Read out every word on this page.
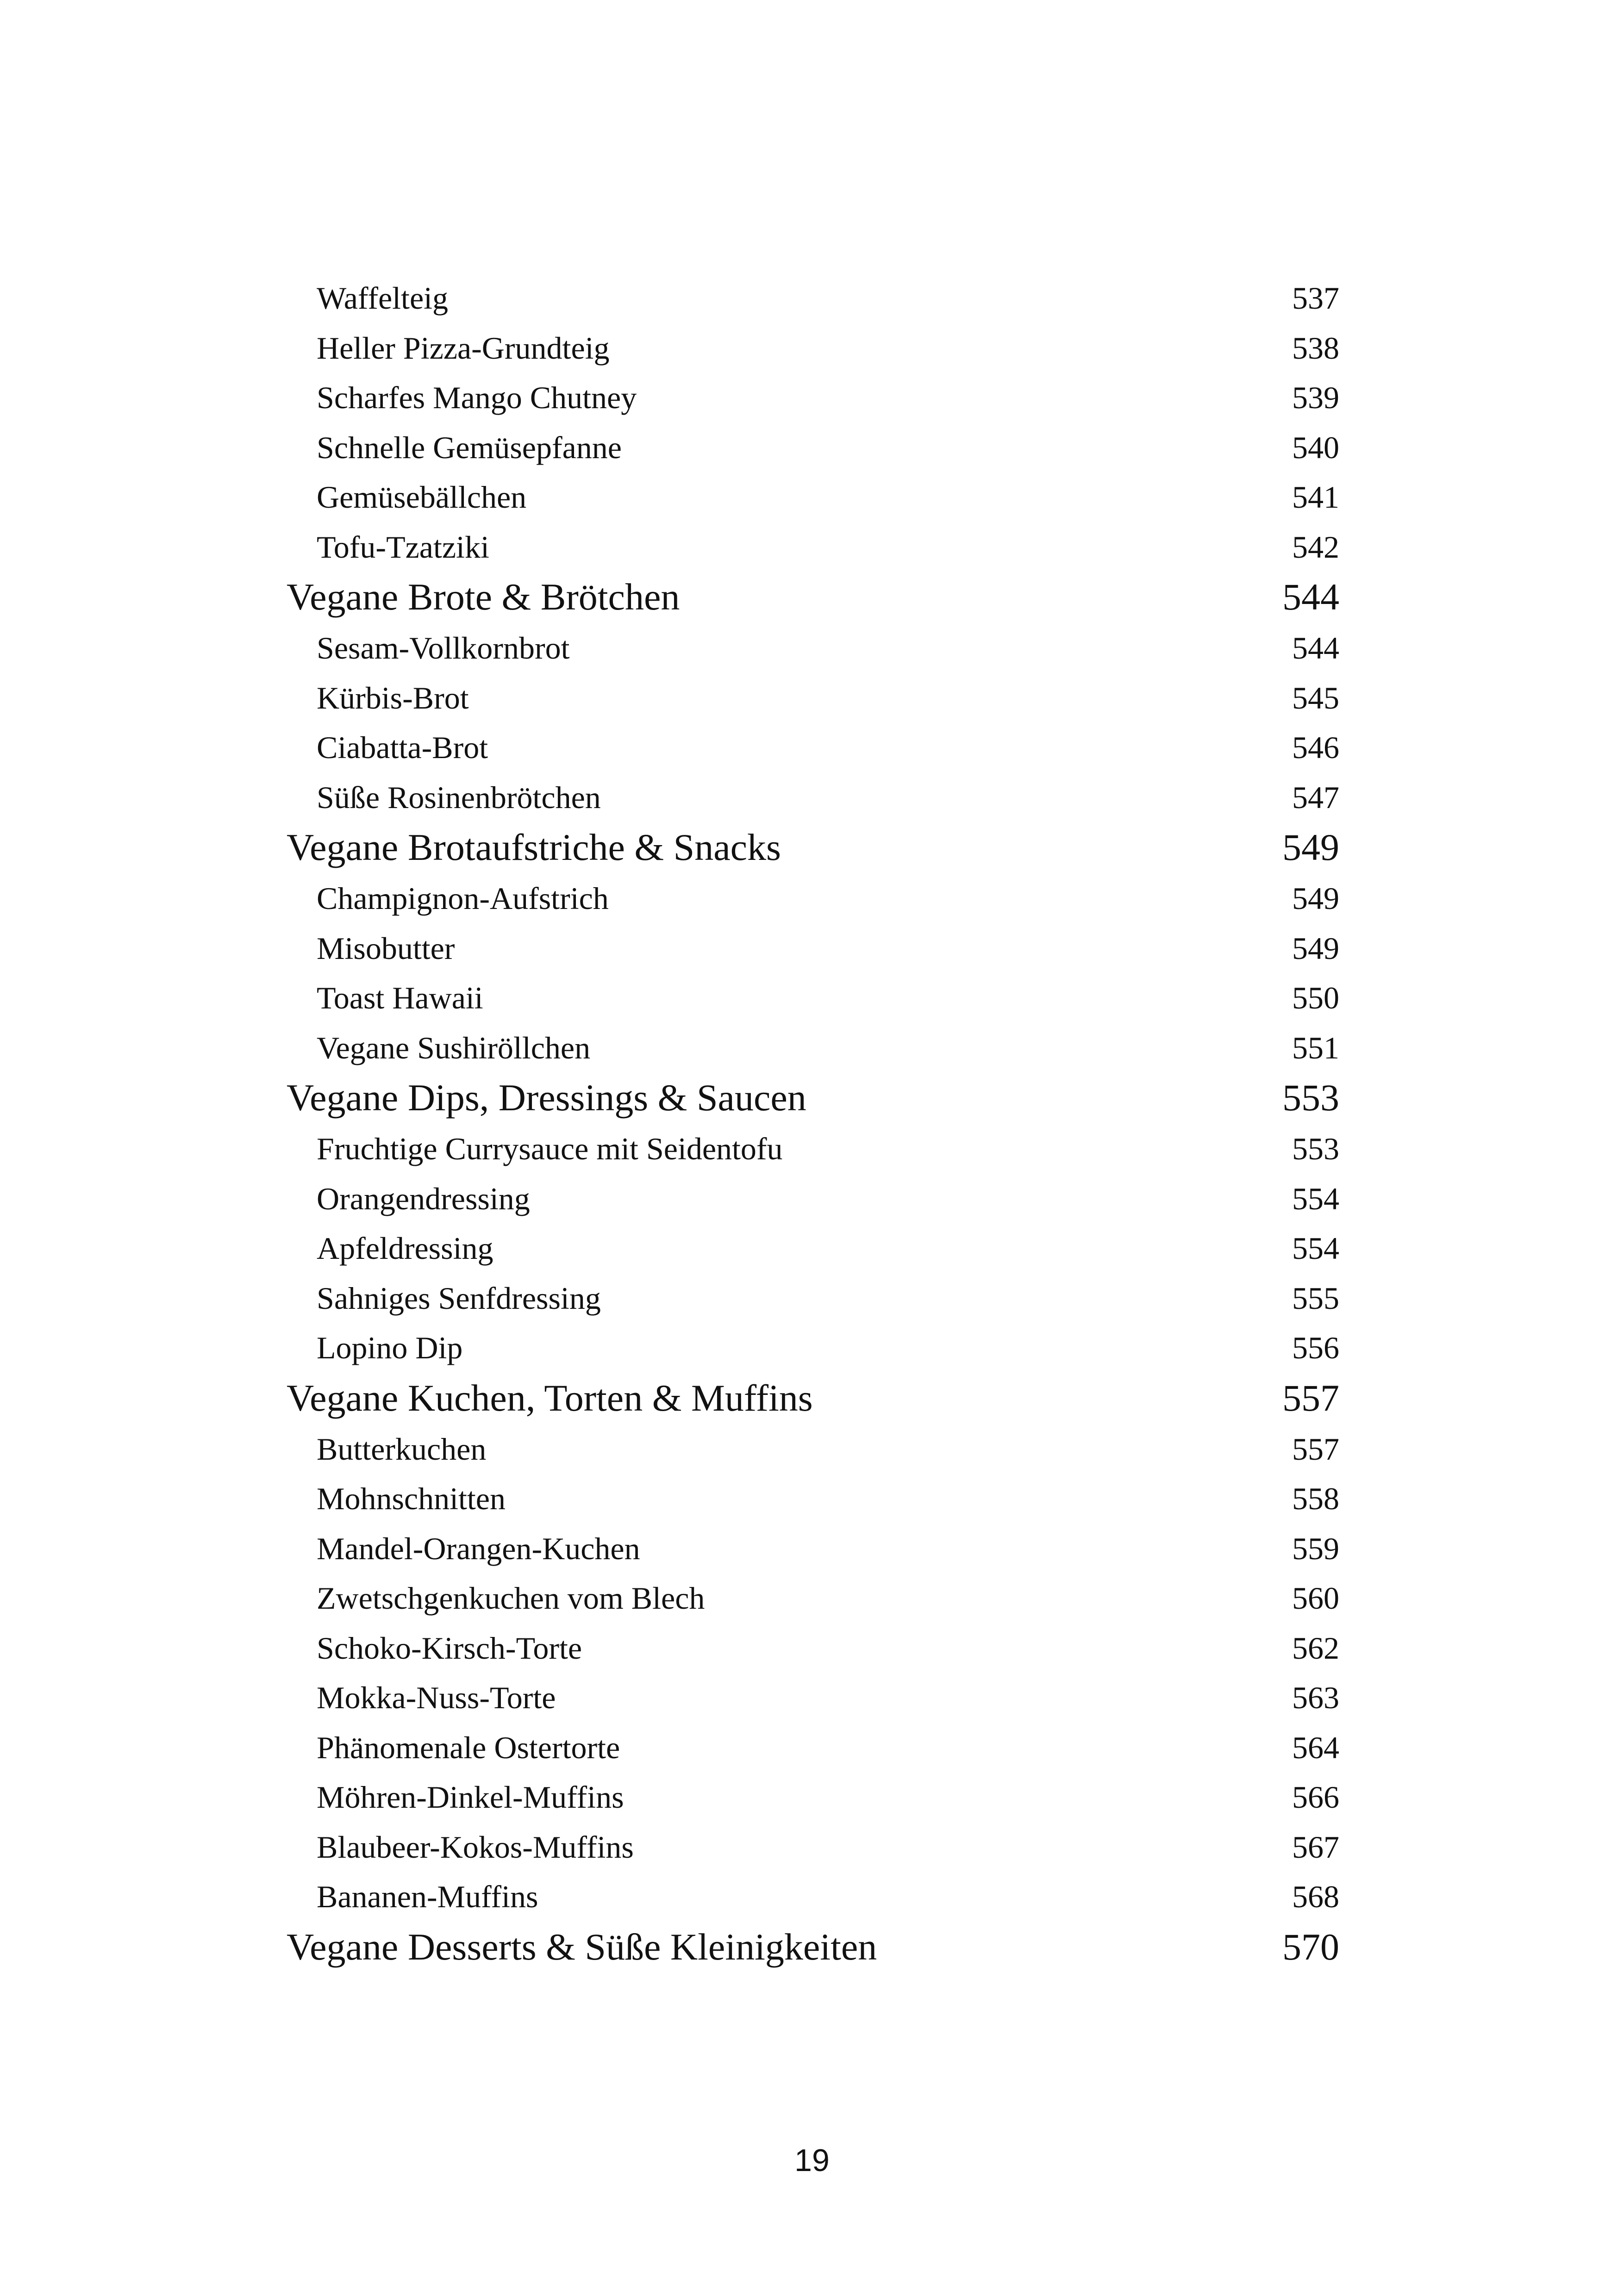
Waffelteig	537
Heller Pizza-Grundteig	538
Scharfes Mango Chutney	539
Schnelle Gemüsepfanne	540
Gemüsebällchen	541
Tofu-Tzatziki	542
Vegane Brote & Brötchen	544
Sesam-Vollkornbrot	544
Kürbis-Brot	545
Ciabatta-Brot	546
Süße Rosinenbrötchen	547
Vegane Brotaufstriche & Snacks	549
Champignon-Aufstrich	549
Misobutter	549
Toast Hawaii	550
Vegane Sushiröllchen	551
Vegane Dips, Dressings & Saucen	553
Fruchtige Currysauce mit Seidentofu	553
Orangendressing	554
Apfeldressing	554
Sahniges Senfdressing	555
Lopino Dip	556
Vegane Kuchen, Torten & Muffins	557
Butterkuchen	557
Mohnschnitten	558
Mandel-Orangen-Kuchen	559
Zwetschgenkuchen vom Blech	560
Schoko-Kirsch-Torte	562
Mokka-Nuss-Torte	563
Phänomenale Ostertorte	564
Möhren-Dinkel-Muffins	566
Blaubeer-Kokos-Muffins	567
Bananen-Muffins	568
Vegane Desserts & Süße Kleinigkeiten	570
19
